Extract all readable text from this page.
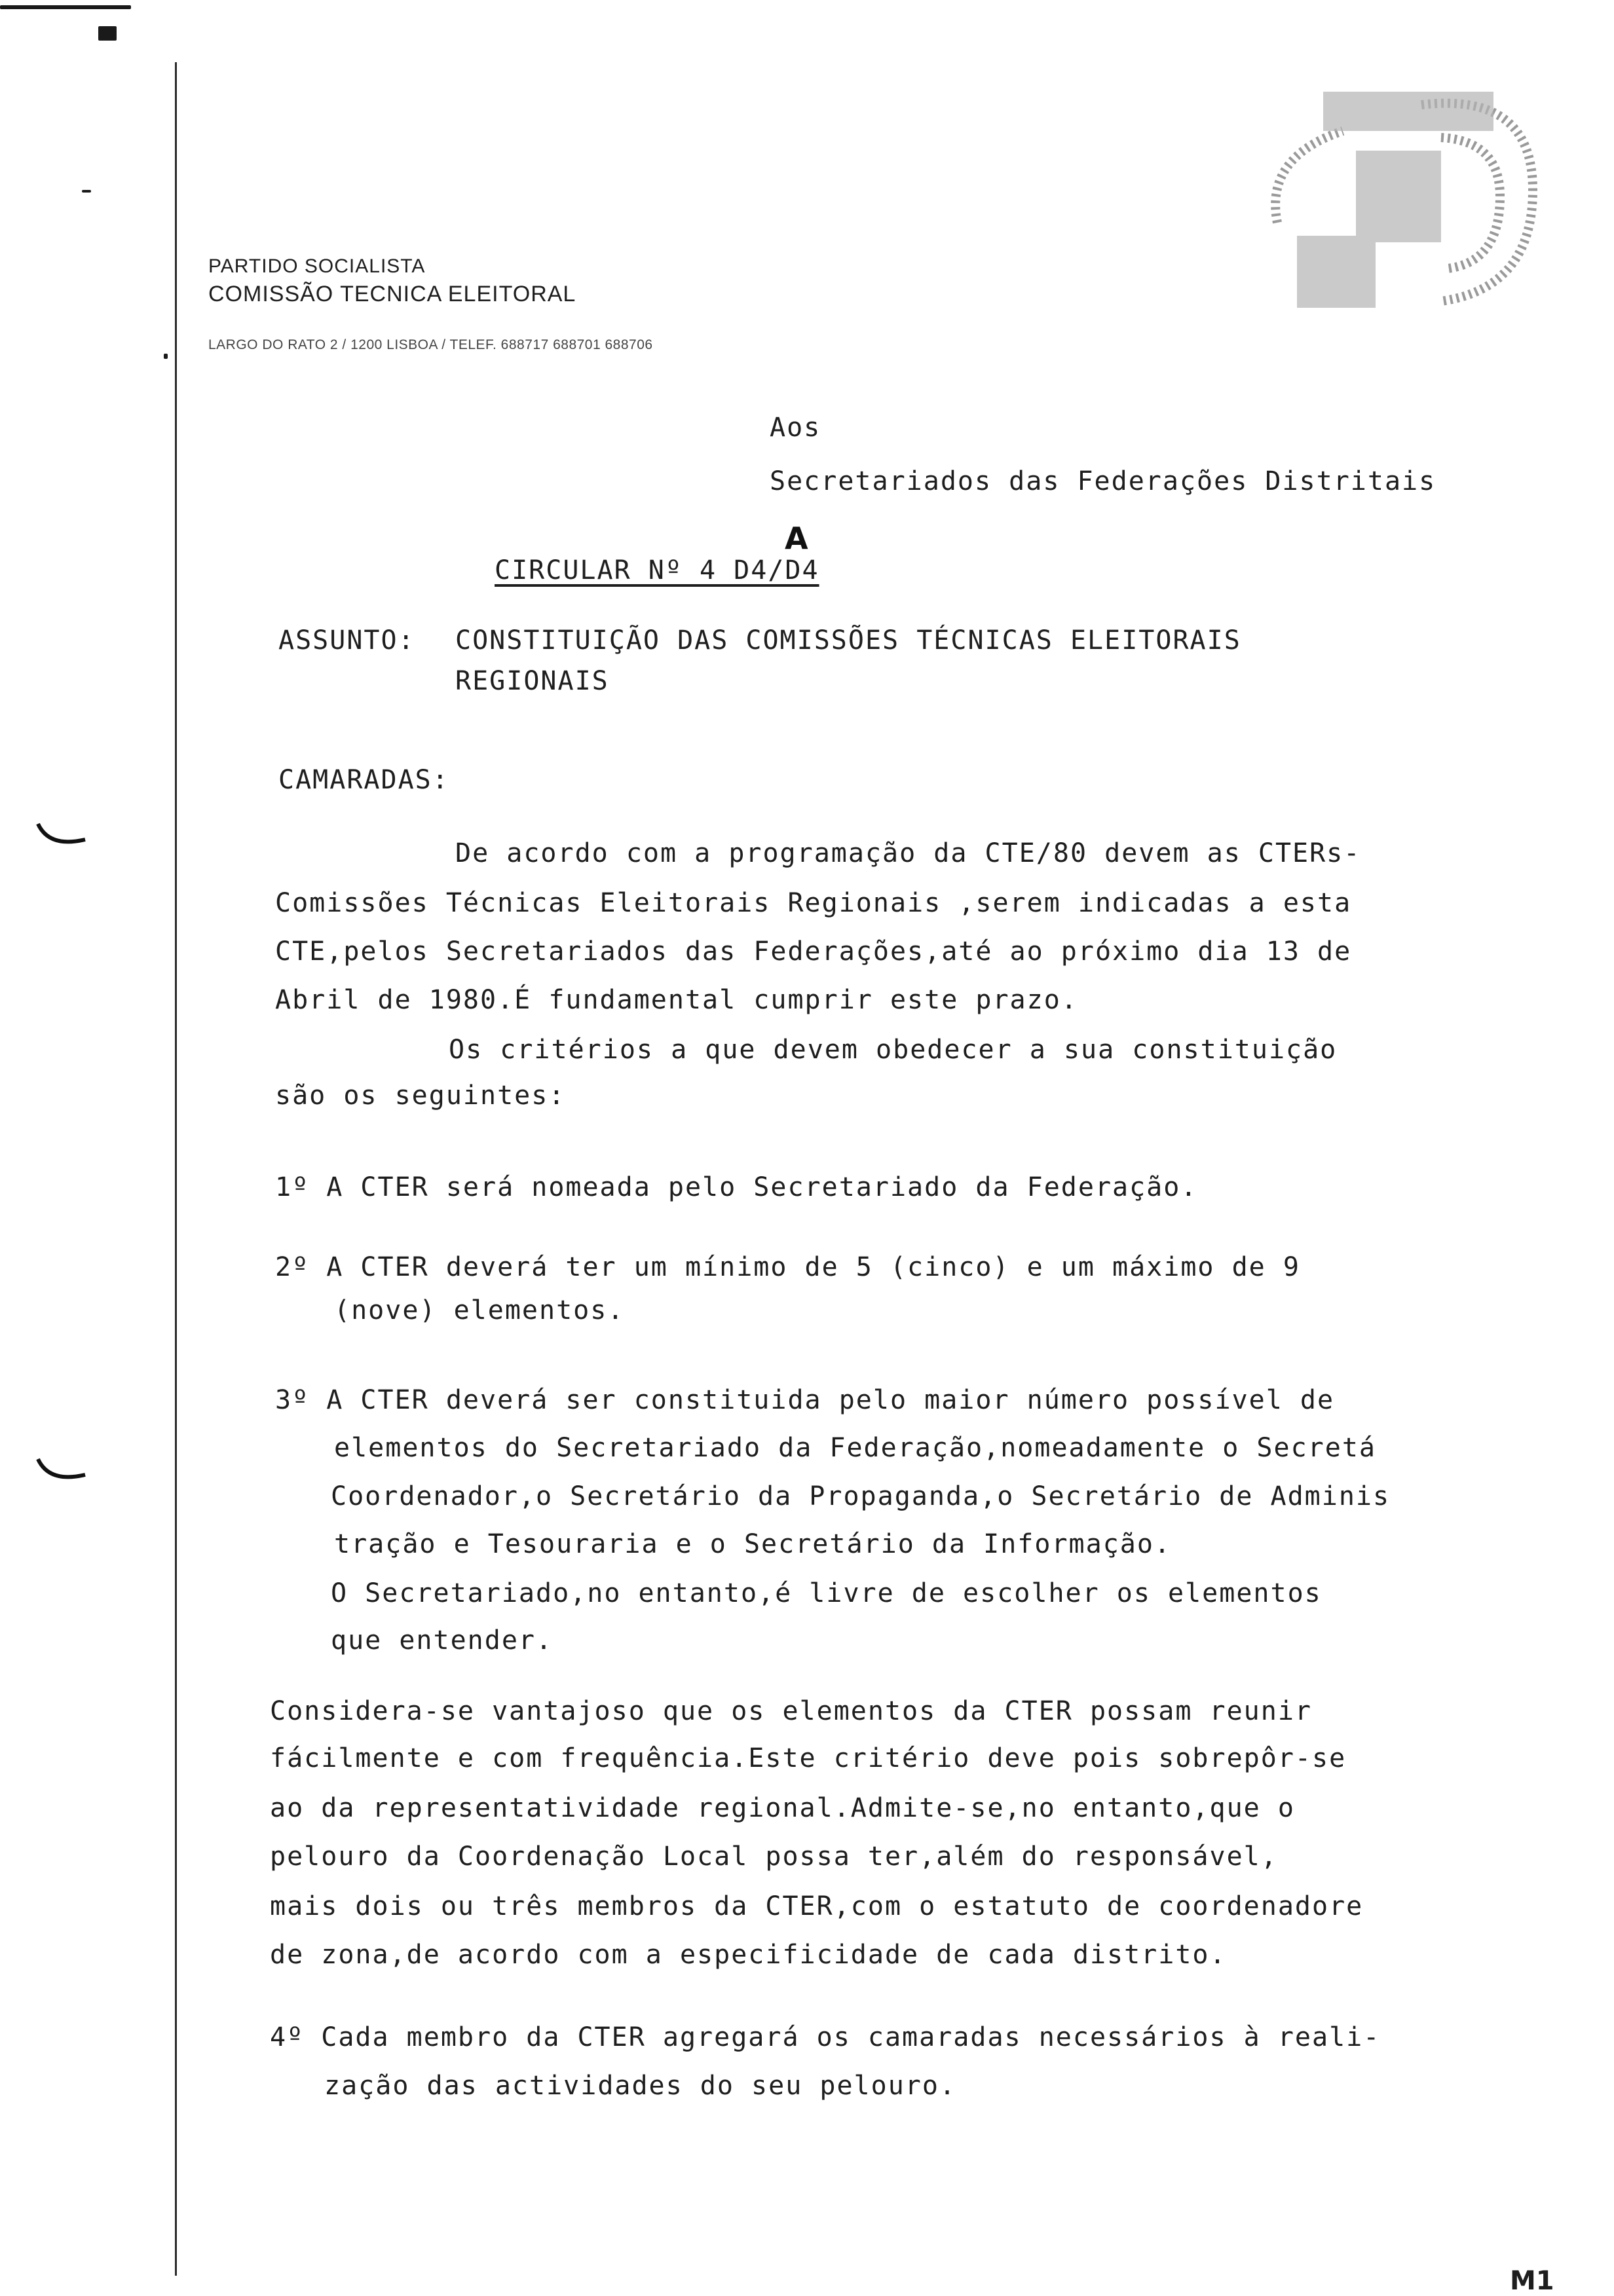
PARTIDO SOCIALISTA
COMISSÃO TECNICA ELEITORAL
LARGO DO RATO 2 / 1200 LISBOA / TELEF. 688717 688701 688706
Aos
Secretariados das Federações Distritais
A
CIRCULAR Nº 4 D4/D4
ASSUNTO: CONSTITUIÇÃO DAS COMISSÕES TÉCNICAS ELEITORAIS
REGIONAIS
CAMARADAS:
De acordo com a programação da CTE/80 devem as CTERs-
Comissões Técnicas Eleitorais Regionais ,serem indicadas a esta
CTE,pelos Secretariados das Federações,até ao próximo dia 13 de
Abril de 1980.É fundamental cumprir este prazo.
Os critérios a que devem obedecer a sua constituição
são os seguintes:
1º A CTER será nomeada pelo Secretariado da Federação.
2º A CTER deverá ter um mínimo de 5 (cinco) e um máximo de 9
(nove) elementos.
3º A CTER deverá ser constituida pelo maior número possível de
elementos do Secretariado da Federação,nomeadamente o Secretá
Coordenador,o Secretário da Propaganda,o Secretário de Adminis
tração e Tesouraria e o Secretário da Informação.
O Secretariado,no entanto,é livre de escolher os elementos
que entender.
Considera-se vantajoso que os elementos da CTER possam reunir
fácilmente e com frequência.Este critério deve pois sobrepôr-se
ao da representatividade regional.Admite-se,no entanto,que o
pelouro da Coordenação Local possa ter,além do responsável,
mais dois ou três membros da CTER,com o estatuto de coordenadore
de zona,de acordo com a especificidade de cada distrito.
4º Cada membro da CTER agregará os camaradas necessários à reali-
zação das actividades do seu pelouro.
M1
